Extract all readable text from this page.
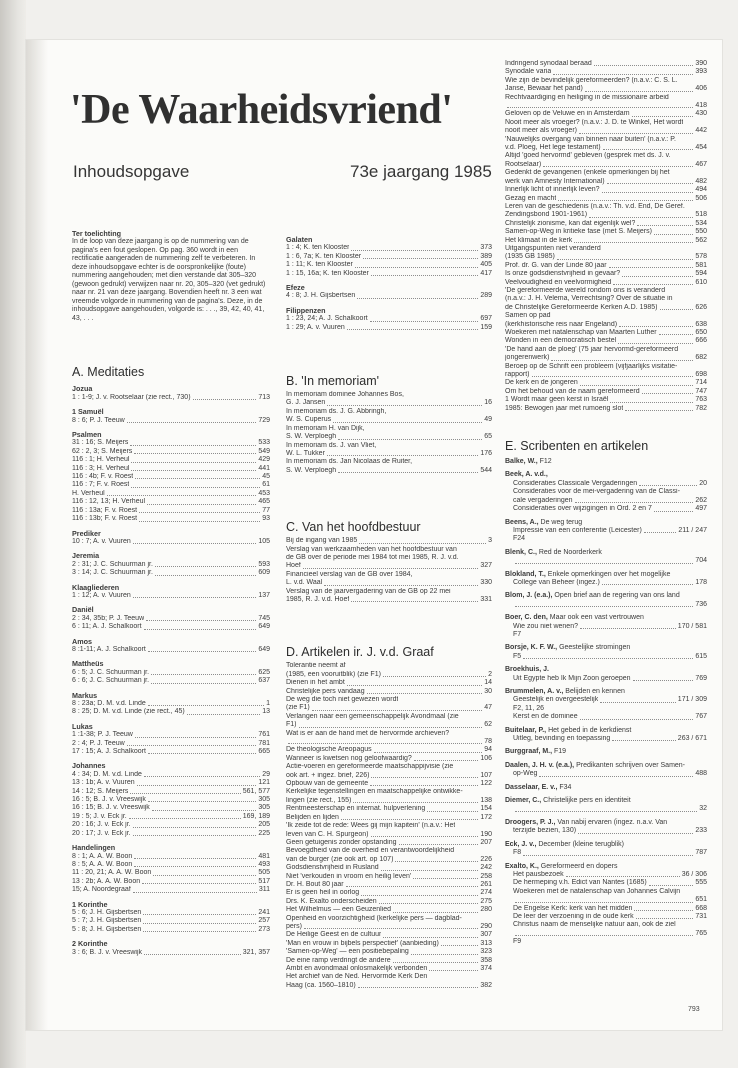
'De Waarheidsvriend'
Inhoudsopgave	73e jaargang 1985
Ter toelichting
In de loop van deze jaargang is op de nummering van de pagina's een fout geslopen. Op pag. 360 wordt in een rectificatie aangeraden de nummering zelf te verbeteren. In deze inhoudsopgave echter is de oorspronkelijke (foute) nummering aangehouden; met dien verstande dat 305–320 (gewoon gedrukt) verwijzen naar nr. 20, 305–320 (vet gedrukt) naar nr. 21 van deze jaargang. Bovendien heeft nr. 3 een wat vreemde volgorde in nummering van de pagina's. Deze, in de inhoudsopgave aangehouden, volgorde is: . . ., 39, 42, 40, 41, 43, . . .
A. Meditaties
Jozua
1 : 1-9; J. v. Rootselaar (zie rect., 730)	713
1 Samuël
8 : 6; P. J. Teeuw	729
Psalmen
31 : 16; S. Meijers	533
62 : 2, 3; S. Meijers	549
116 : 1; H. Verheul	429
116 : 3; H. Verheul	441
116 : 4b; F. v. Roest	45
116 : 7; F. v. Roest	61
H. Verheul	453
116 : 12, 13; H. Verheul	465
116 : 13a; F. v. Roest	77
116 : 13b; F. v. Roest	93
Prediker
10 : 7; A. v. Vuuren	105
Jeremia
2 : 31; J. C. Schuurman jr.	593
3 : 14; J. C. Schuurman jr.	609
Klaagliederen
1 : 12; A. v. Vuuren	137
Daniël
2 : 34, 35b; P. J. Teeuw	745
6 : 11; A. J. Schalkoort	649
Amos
8 :1-11; A. J. Schalkoort	649
Mattheüs
6 : 5; J. C. Schuurman jr.	625
6 : 6; J. C. Schuurman jr.	637
Markus
8 : 23a; D. M. v.d. Linde	1
8 : 25; D. M. v.d. Linde (zie rect., 45)	13
Lukas
1 :1-38; P. J. Teeuw	761
2 : 4; P. J. Teeuw	781
17 : 15; A. J. Schalkoort	665
Johannes
4 : 34; D. M. v.d. Linde	29
13 : 1b; A. v. Vuuren	121
14 : 12; S. Meijers	561, 577
16 : 5; B. J. v. Vreeswijk	305
16 : 15; B. J. v. Vreeswijk	305
19 : 5; J. v. Eck jr.	169, 189
20 : 16; J. v. Eck jr.	205
20 : 17; J. v. Eck jr.	225
Handelingen
8 : 1; A. A. W. Boon	481
8 : 5; A. A. W. Boon	493
11 : 20, 21; A. A. W. Boon	505
13 : 2b; A. A. W. Boon	517
15; A. Noordegraaf	311
1 Korinthe
5 : 6; J. H. Gijsbertsen	241
5 : 7; J. H. Gijsbertsen	257
5 : 8; J. H. Gijsbertsen	273
2 Korinthe
3 : 6; B. J. v. Vreeswijk	321, 357
Galaten
1 : 4; K. ten Klooster	373
1 : 6, 7a; K. ten Klooster	389
1 : 11; K. ten Klooster	405
1 : 15, 16a; K. ten Klooster	417
Efeze
4 : 8; J. H. Gijsbertsen	289
Filippenzen
1 : 23, 24; A. J. Schalkoort	697
1 : 29; A. v. Vuuren	159
B. 'In memoriam'
In memoriam dominee Johannes Bos,
G. J. Jansen	16
In memoriam ds. J. G. Abbringh,
W. S. Cuperus	49
In memoriam H. van Dijk,
S. W. Verploegh	65
In memoriam ds. J. van Vliet,
W. L. Tukker	176
In memoriam ds. Jan Nicolaas de Ruiter,
S. W. Verploegh	544
C. Van het hoofdbestuur
Bij de ingang van 1985	3
Verslag van werkzaamheden van het hoofdbestuur van
de GB over de periode mei 1984 tot mei 1985, R. J. v.d.
Hoef	327
Financieel verslag van de GB over 1984,
L. v.d. Waal	330
Verslag van de jaarvergadering van de GB op 22 mei
1985, R. J. v.d. Hoef	331
D. Artikelen ir. J. v.d. Graaf
Tolerantie neemt af
(1985, een vooruitblik) (zie F1)	2
Dienen in het ambt	14
Christelijke pers vandaag	30
De weg die toch niet gewezen wordt
(zie F1)	47
Verlangen naar een gemeenschappelijk Avondmaal (zie
F1)	62
Wat is er aan de hand met de hervormde archieven?
78
De theologische Areopagus	94
Wanneer is kwetsen nog geloofwaardig?	106
Actie-voeren en gereformeerde maatschappijvisie (zie
ook art. + ingez. brief, 226)	107
Opbouw van de gemeente	122
Kerkelijke tegenstellingen en maatschappelijke ontwikke-
lingen (zie rect., 155)	138
Rentmeesterschap en internat. hulpverlening	154
Belijden en lijden	172
'Ik zeide tot de rede: Wees gij mijn kapitein' (n.a.v.: Het
leven van C. H. Spurgeon)	190
Geen getuigenis zonder opstanding	207
Bevoegdheid van de overheid en verantwoordelijkheid
van de burger (zie ook art. op 107)	226
Godsdienstvrijheid in Rusland	242
Niet 'verkouden in vroom en heilig leven'	258
Dr. H. Bout 80 jaar	261
Er is geen heil in oorlog	274
Drs. K. Exalto onderscheiden	275
Het Wilhelmus — een Geuzenlied	280
Openheid en voorzichtigheid (kerkelijke pers — dagblad-
pers)	290
De Heilige Geest en de cultuur	307
'Man en vrouw in bijbels perspectief' (aanbieding)	313
'Samen-op-Weg' — een positiebepaling	323
De eine ramp verdringt de andere	358
Ambt en avondmaal onlosmakelijk verbonden	374
Het archief van de Ned. Hervormde Kerk Den
Haag (ca. 1560–1810)	382
Indringend synodaal beraad	390
Synodale varia	393
Wie zijn de bevindelijk gereformeerden? (n.a.v.: C. S. L.
Janse, Bewaar het pand)	406
Rechtvaardiging en heiliging in de missionaire arbeid
418
Geloven op de Veluwe en in Amsterdam	430
Nooit meer als vroeger? (n.a.v.: J. D. te Winkel, Het wordt
nooit meer als vroeger)	442
'Nauwelijks overgang van binnen naar buiten' (n.a.v.: P.
v.d. Ploeg, Het lege testament)	454
Altijd 'goed hervormd' gebleven (gesprek met ds. J. v.
Rootselaar)	467
Gedenkt de gevangenen (enkele opmerkingen bij het
werk van Amnesty International)	482
Innerlijk licht of innerlijk leven?	494
Gezag en macht	506
Leren van de geschiedenis (n.a.v.: Th. v.d. End, De Geref.
Zendingsbond 1901-1961)	518
Christelijk zionisme, kan dat eigenlijk wel?	534
Samen-op-Weg in kritieke fase (met S. Meijers)	550
Het klimaat in de kerk	562
Uitgangspunten niet veranderd
(1935 GB 1985)	578
Prof. dr. G. van der Linde 80 jaar	581
Is onze godsdienstvrijheid in gevaar?	594
Veelvoudigheid en veelvormigheid	610
'De gereformeerde wereld rondom ons is veranderd
(n.a.v.: J. H. Velema, Verrechtsing? Over de situatie in
de Christelijke Gereformeerde Kerken A.D. 1985)	626
Samen op pad
(kerkhistorische reis naar Engeland)	638
Woekeren met natalenschap van Maarten Luther	650
Wonden in een democratisch bestel	666
'De hand aan de ploeg' (75 jaar hervormd-gereformeerd
jongerenwerk)	682
Beroep op de Schrift een probleem (vijfjaarlijks visitatie-
rapport)	698
De kerk en de jongeren	714
Om het behoud van de naam gereformeerd	747
1 Wordt maar geen kerst in Israël	763
1985: Bewogen jaar met rumoerig slot	782
E. Scribenten en artikelen
Balke, W., F12
Beek, A. v.d.,
Consideraties Classicale Vergaderingen	20
Consideraties voor de mei-vergadering van de Classi-
cale vergaderingen	262
Consideraties over wijzigingen in Ord. 2 en 7	497
Beens, A., De weg terug
Impressie van een conferentie (Leicester)	211 / 247
F24
Blenk, C., Red de Noorderkerk
704
Blokland, T., Enkele opmerkingen over het mogelijke
College van Beheer (ingez.)	178
Blom, J. (e.a.), Open brief aan de regering van ons land
736
Boer, C. den, Maar ook een vast vertrouwen
Wie zou niet wenen?	170 / 581
F7
Borsje, K. F. W., Geestelijke stromingen
F5	615
Broekhuis, J.
Uit Egypte heb Ik Mijn Zoon geroepen	769
Brummelen, A. v., Belijden en kennen
Geestelijk en overgeestelijk	171 / 309
F2, 11, 26
Kerst en de dominee	767
Buitelaar, P., Het gebed in de kerkdienst
Uitleg, bevinding en toepassing	263 / 671
Burggraaf, M., F19
Daalen, J. H. v. (e.a.), Predikanten schrijven over Samen-
op-Weg	488
Dasselaar, E. v., F34
Diemer, C., Christelijke pers en identiteit
32
Droogers, P. J., Van nabij ervaren (ingez. n.a.v. Van
terzijde bezien, 130)	233
Eck, J. v., December (kleine terugblik)
F8	787
Exalto, K., Gereformeerd en dopers
Het pausbezoek	36 / 306
De hermeping v.h. Edict van Nantes (1685)	555
Woekeren met de natalenschap van Johannes Calvijn
651
De Engelse Kerk: kerk van het midden	668
De leer der verzoening in de oude kerk	731
Christus naam de menselijke natuur aan, ook de ziel
765
F9
793
